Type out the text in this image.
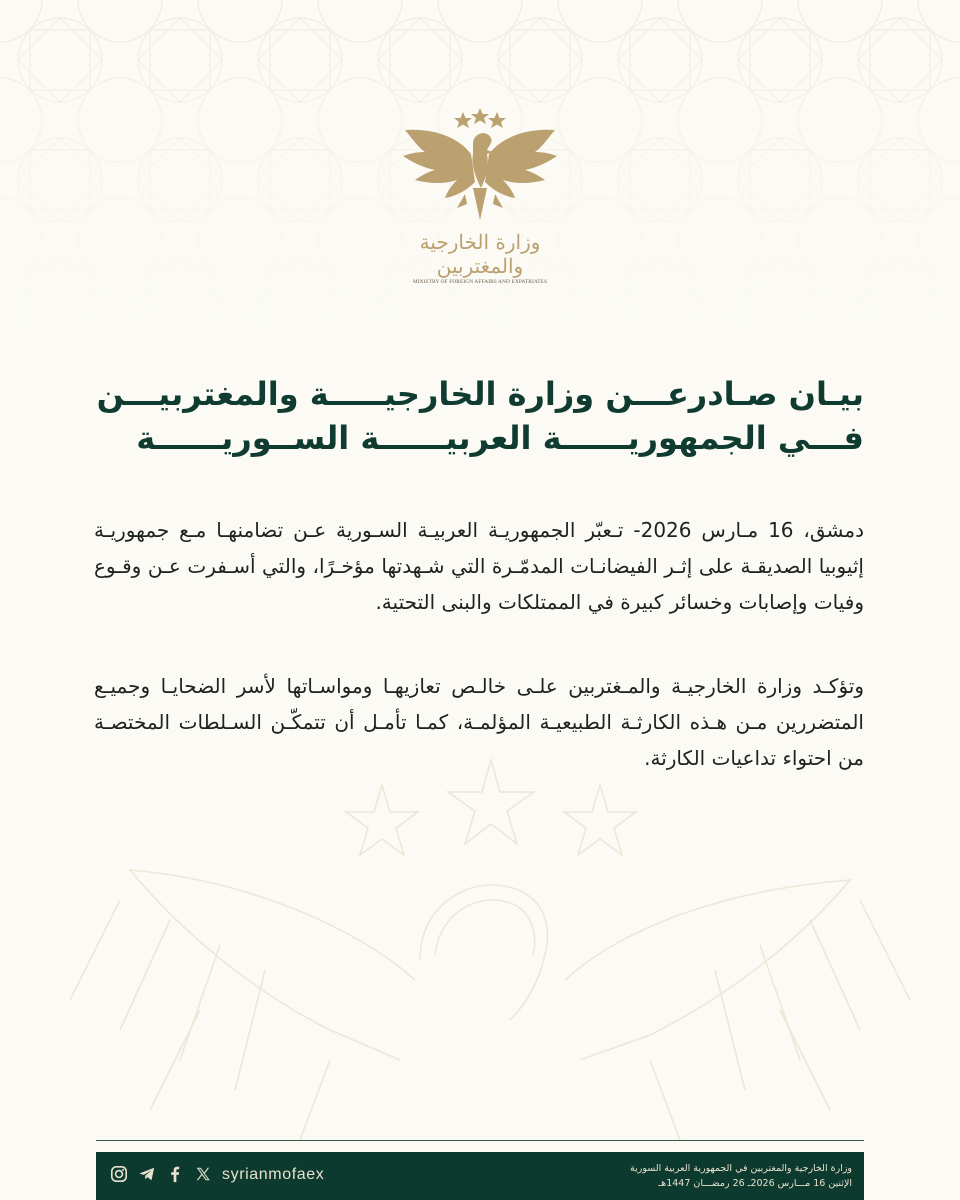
وزارة الخارجية والمغتربين
MINISTRY OF FOREIGN AFFAIRS AND EXPATRIATES
بيـان صـادرعـــن وزارة الخارجيـــــة والمغتربيـــن
فـــي الجمهوريــــــة العربيــــــة الســوريــــــة

دمشق، 16 مـارس 2026- تـعبّر الجمهوريـة العربيـة السـورية عـن تضامنهـا مـع جمهوريـة إثيوبيا الصديقـة على إثـر الفيضانـات المدمّـرة التي شـهدتها مؤخـرًا، والتي أسـفرت عـن وقـوع وفيات وإصابات وخسائر كبيرة في الممتلكات والبنى التحتية.

وتؤكـد وزارة الخارجيـة والمـغتربين علـى خالـص تعازيهـا ومواسـاتها لأسر الضحايـا وجميـع المتضررين مـن هـذه الكارثـة الطبيعيـة المؤلمـة، كمـا تأمـل أن تتمكّـن السـلطات المختصـة من احتواء تداعيات الكارثة.

syrianmofaex	وزارة الخارجية والمغتربين في الجمهورية العربية السورية
الإثنين 16 مـــارس 2026ـ 26 رمضـــان 1447هـ
